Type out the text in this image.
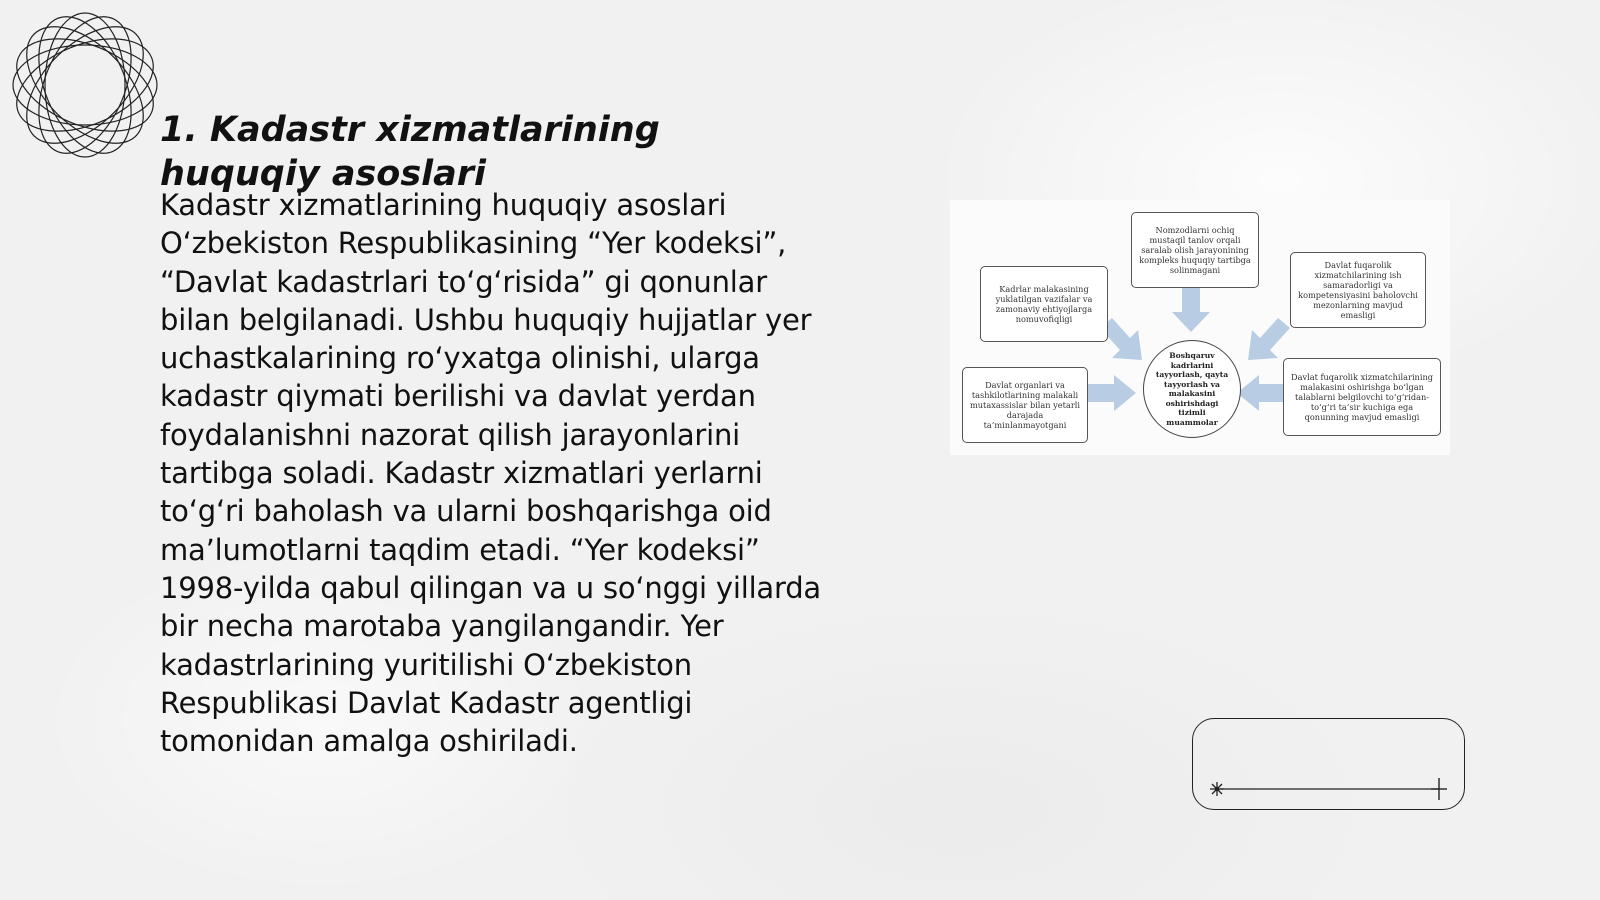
1. Kadastr xizmatlarining huquqiy asoslari

Kadastr xizmatlarining huquqiy asoslari O‘zbekiston Respublikasining “Yer kodeksi”, “Davlat kadastrlari to‘g‘risida” gi qonunlar bilan belgilanadi. Ushbu huquqiy hujjatlar yer uchastkalarining ro‘yxatga olinishi, ularga kadastr qiymati berilishi va davlat yerdan foydalanishni nazorat qilish jarayonlarini tartibga soladi. Kadastr xizmatlari yerlarni to‘g‘ri baholash va ularni boshqarishga oid ma’lumotlarni taqdim etadi. “Yer kodeksi” 1998-yilda qabul qilingan va u so‘nggi yillarda bir necha marotaba yangilangandir. Yer kadastrlarining yuritilishi O‘zbekiston Respublikasi Davlat Kadastr agentligi tomonidan amalga oshiriladi.

Nomzodlarni ochiq mustaqil tanlov orqali saralab olish jarayonining kompleks huquqiy tartibga solinmagani
Kadrlar malakasining yuklatilgan vazifalar va zamonaviy ehtiyojlarga nomuvofiqligi
Davlat fuqarolik xizmatchilarining ish samaradorligi va kompetensiyasini baholovchi mezonlarning mavjud emasligi
Davlat organlari va tashkilotlarining malakali mutaxassislar bilan yetarli darajada ta’minlanmayotgani
Davlat fuqarolik xizmatchilarining malakasini oshirishga bo‘lgan talablarni belgilovchi to‘g‘ridan-to‘g‘ri ta’sir kuchiga ega qonunning mavjud emasligi
Boshqaruv kadrlarini tayyorlash, qayta tayyorlash va malakasini oshirishdagi tizimli muammolar
